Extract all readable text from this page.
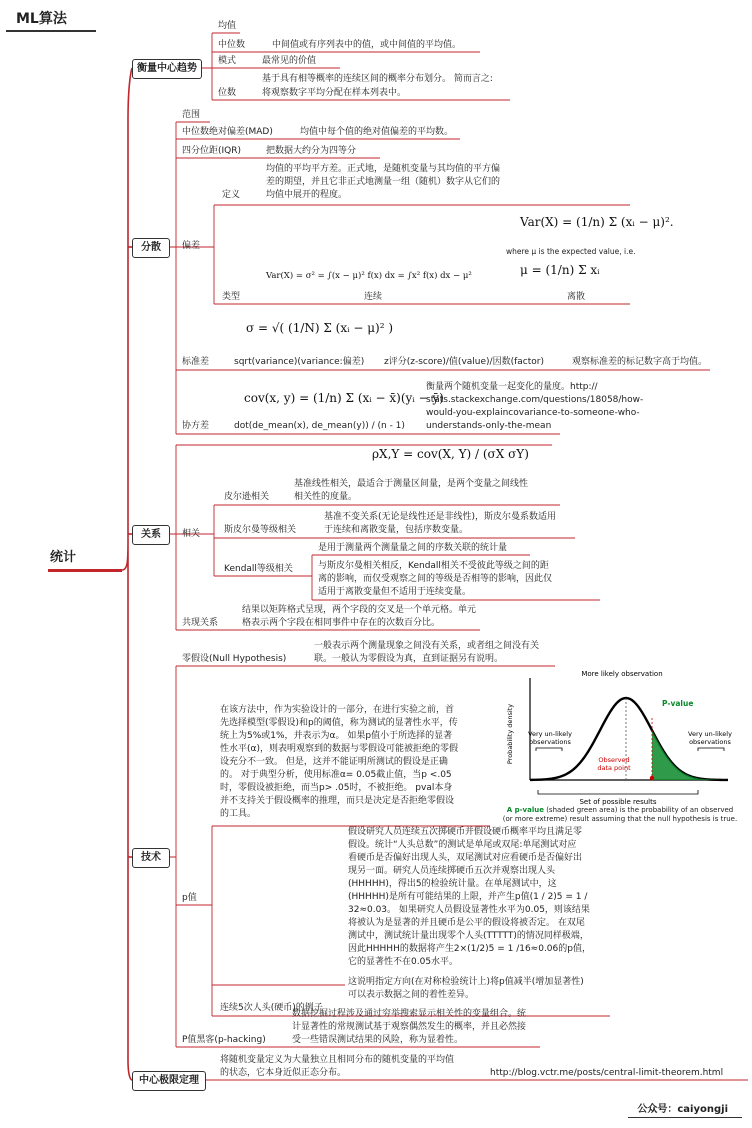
ML算法
统计
衡量中心趋势
均值
中位数	中间值或有序列表中的值，或中间值的平均值。
模式	最常见的价值
基于具有相等概率的连续区间的概率分布划分。 简而言之:
位数	将观察数字平均分配在样本列表中。
分散
范围
中位数绝对偏差(MAD)	均值中每个值的绝对值偏差的平均数。
四分位距(IQR)	把数据大约分为四等分
偏差
均值的平均平方差。正式地，是随机变量与其均值的平方偏
差的期望，并且它非正式地测量一组（随机）数字从它们的
定义	均值中展开的程度。
Var(X) = (1/n) Σ (xᵢ − μ)².
where μ is the expected value, i.e.
μ = (1/n) Σ xᵢ
Var(X) = σ² = ∫(x − μ)² f(x) dx = ∫x² f(x) dx − μ²
类型	连续	离散
σ = √( (1/N) Σ (xᵢ − μ)² )
标准差	sqrt(variance)(variance:偏差) z评分(z-score)/值(value)/因数(factor)	观察标准差的标记数字高于均值。
cov(x, y) = (1/n) Σ (xᵢ − x̄)(yᵢ − ȳ)
协方差	dot(de_mean(x), de_mean(y)) / (n - 1)
衡量两个随机变量一起变化的量度。http://
stats.stackexchange.com/questions/18058/how-
would-you-explaincovariance-to-someone-who-
understands-only-the-mean
关系
ρX,Y = cov(X, Y) / (σX σY)
相关
基准线性相关，最适合于测量区间量，是两个变量之间线性
皮尔逊相关	相关性的度量。
基准不变关系(无论是线性还是非线性)，斯皮尔曼系数适用
斯皮尔曼等级相关	于连续和离散变量，包括序数变量。
是用于测量两个测量量之间的序数关联的统计量
Kendall等级相关	与斯皮尔曼相关相反，Kendall相关不受彼此等级之间的距
离的影响，而仅受观察之间的等级是否相等的影响，因此仅
适用于离散变量但不适用于连续变量。
结果以矩阵格式呈现，两个字段的交叉是一个单元格。单元
共现关系	格表示两个字段在相同事件中存在的次数百分比。
技术
零假设(Null Hypothesis)
一般表示两个测量现象之间没有关系，或者组之间没有关
联。一般认为零假设为真，直到证据另有说明。
在该方法中，作为实验设计的一部分，在进行实验之前，首
先选择模型(零假设)和p的阈值，称为测试的显著性水平，传
统上为5%或1%，并表示为α。 如果p值小于所选择的显著
性水平(α)，则表明观察到的数据与零假设可能被拒绝的零假
设充分不一致。 但是，这并不能证明所测试的假设是正确
的。 对于典型分析，使用标准α= 0.05截止值，当p <.05
时，零假设被拒绝，而当p> .05时，不被拒绝。 pval本身
并不支持关于假设概率的推理，而只是决定是否拒绝零假设
的工具。
More likely observation
P-value
Probability density Very un-likely
observations
Very un-likely
observations
Observed
data point
Set of possible results
A p-value (shaded green area) is the probability of an observed (or more extreme) result assuming that the null hypothesis is true.
p值
假设研究人员连续五次掷硬币并假设硬币概率平均且满足零
假设。统计“人头总数”的测试是单尾或双尾:单尾测试对应
看硬币是否偏好出现人头，双尾测试对应看硬币是否偏好出
现另一面。研究人员连续掷硬币五次并观察出现人头
(HHHHH)，得出5的检验统计量。在单尾测试中，这
(HHHHH)是所有可能结果的上限，并产生p值(1 / 2)5 = 1 /
32≈0.03。 如果研究人员假设显著性水平为0.05，则该结果
将被认为是显著的并且硬币是公平的假设将被否定。 在双尾
测试中，测试统计量出现零个人头(TTTTT)的情况同样极端，
因此HHHHH的数据将产生2×(1/2)5 = 1 /16≈0.06的p值，
它的显著性不在0.05水平。
连续5次人头(硬币)的例子
这说明指定方向(在对称检验统计上)将p值减半(增加显著性)
可以表示数据之间的着性差异。
P值黑客(p-hacking)
数据挖掘过程涉及通过穷举搜索显示相关性的变量组合。统
计显著性的常规测试基于观察偶然发生的概率，并且必然接
受一些错误测试结果的风险，称为显着性。
中心极限定理
将随机变量定义为大量独立且相同分布的随机变量的平均值
的状态，它本身近似正态分布。	http://blog.vctr.me/posts/central-limit-theorem.html
公众号：caiyongji
